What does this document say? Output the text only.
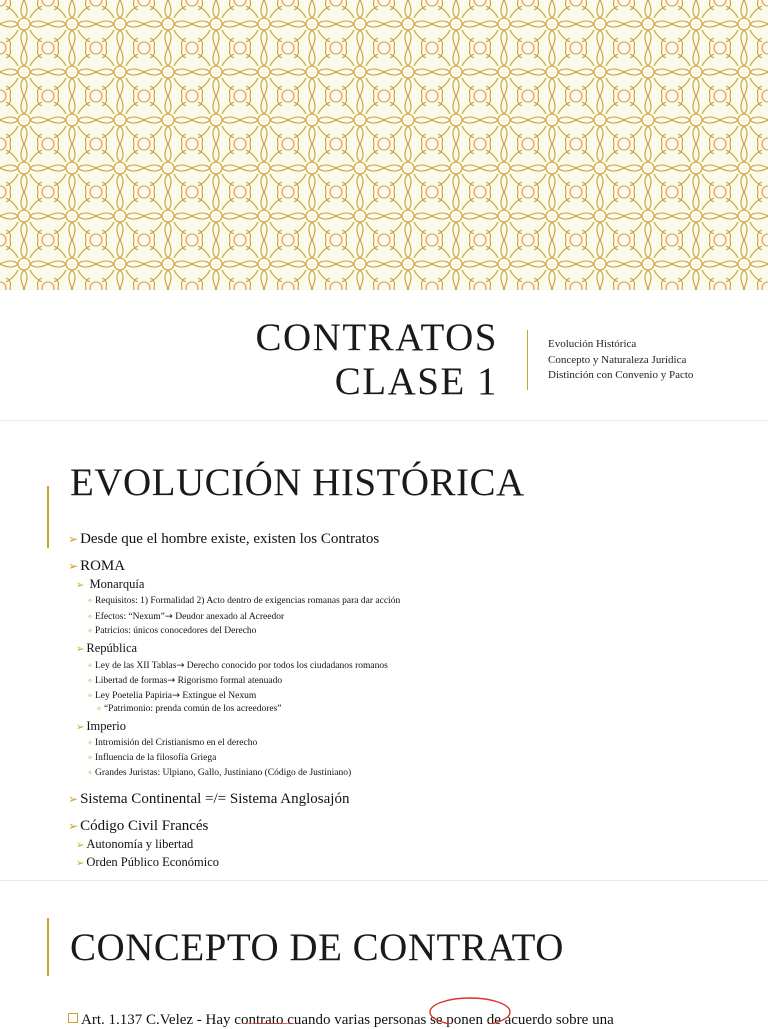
CONTRATOS
CLASE 1
Evolución Histórica
Concepto y Naturaleza Jurídica
Distinción con Convenio y Pacto
EVOLUCIÓN HISTÓRICA
➢ Desde que el hombre existe, existen los Contratos
➢ ROMA
➢ Monarquía
✧ Requisitos: 1) Formalidad 2) Acto dentro de exigencias romanas para dar acción
✧ Efectos: “Nexum”→ Deudor anexado al Acreedor
✧ Patricios: únicos conocedores del Derecho
➢ República
✧ Ley de las XII Tablas→ Derecho conocido por todos los ciudadanos romanos
✧ Libertad de formas→ Rigorismo formal atenuado
✧ Ley Poetelia Papiria→ Extingue el Nexum
✧ “Patrimonio: prenda común de los acreedores”
➢ Imperio
✧ Intromisión del Cristianismo en el derecho
✧ Influencia de la filosofía Griega
✧ Grandes Juristas: Ulpiano, Gallo, Justiniano (Código de Justiniano)
➢ Sistema Continental =/= Sistema Anglosajón
➢ Código Civil Francés
➢ Autonomía y libertad
➢ Orden Público Económico
CONCEPTO DE CONTRATO
Art. 1.137 C.Velez - Hay contrato cuando varias personas se ponen de acuerdo sobre una
